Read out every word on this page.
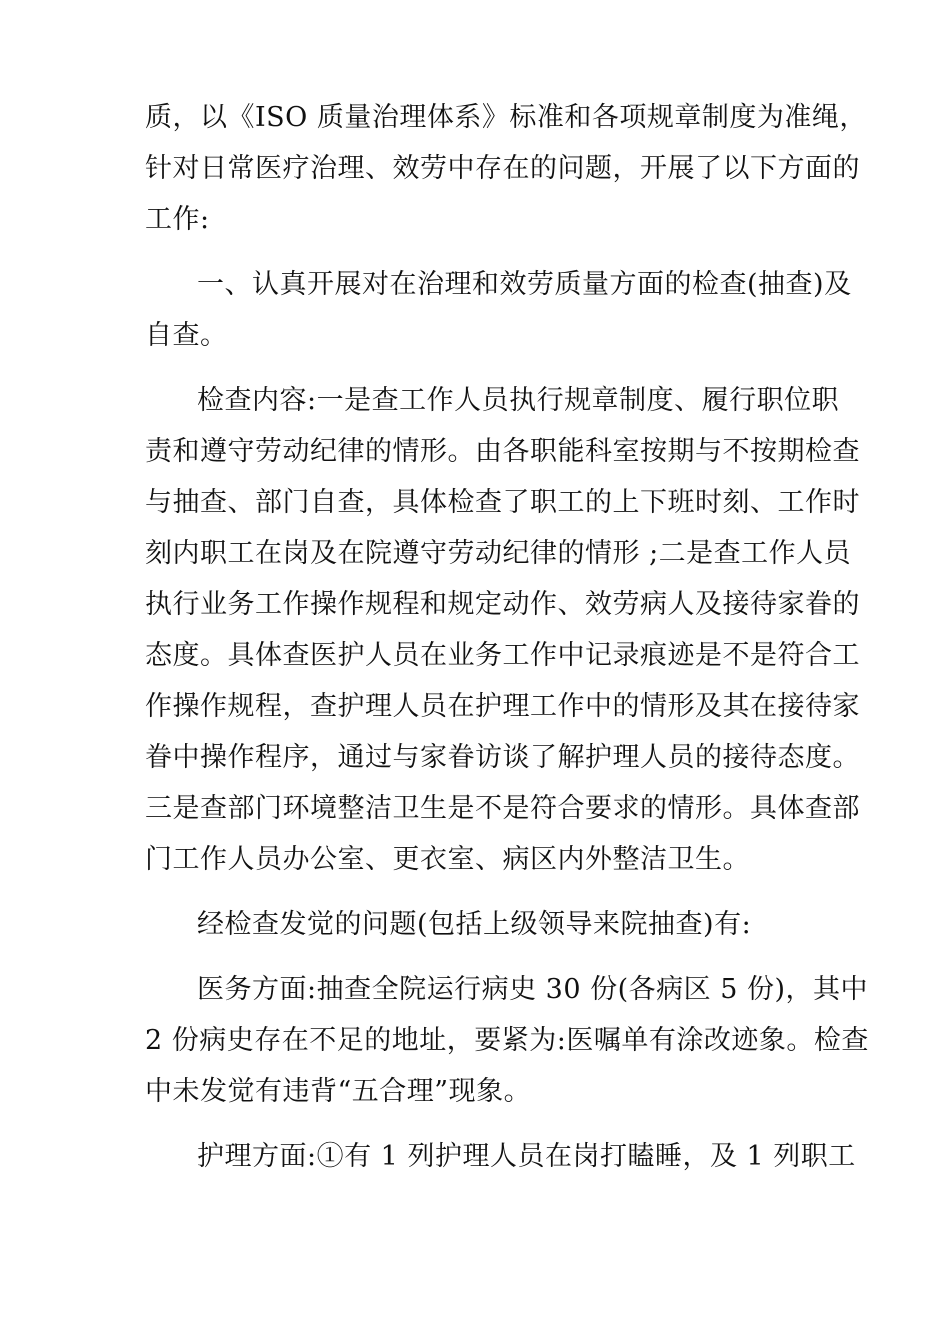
质，以《ISO 质量治理体系》标准和各项规章制度为准绳，
针对日常医疗治理、效劳中存在的问题，开展了以下方面的
工作:
一、认真开展对在治理和效劳质量方面的检查(抽查)及
自查。
检查内容:一是查工作人员执行规章制度、履行职位职
责和遵守劳动纪律的情形。由各职能科室按期与不按期检查
与抽查、部门自查，具体检查了职工的上下班时刻、工作时
刻内职工在岗及在院遵守劳动纪律的情形 ;二是查工作人员
执行业务工作操作规程和规定动作、效劳病人及接待家眷的
态度。具体查医护人员在业务工作中记录痕迹是不是符合工
作操作规程，查护理人员在护理工作中的情形及其在接待家
眷中操作程序，通过与家眷访谈了解护理人员的接待态度。
三是查部门环境整洁卫生是不是符合要求的情形。具体查部
门工作人员办公室、更衣室、病区内外整洁卫生。
经检查发觉的问题(包括上级领导来院抽查)有:
医务方面:抽查全院运行病史 30 份(各病区 5 份)，其中
2 份病史存在不足的地址，要紧为:医嘱单有涂改迹象。检查
中未发觉有违背“五合理”现象。
护理方面:①有 1 列护理人员在岗打瞌睡，及 1 列职工
